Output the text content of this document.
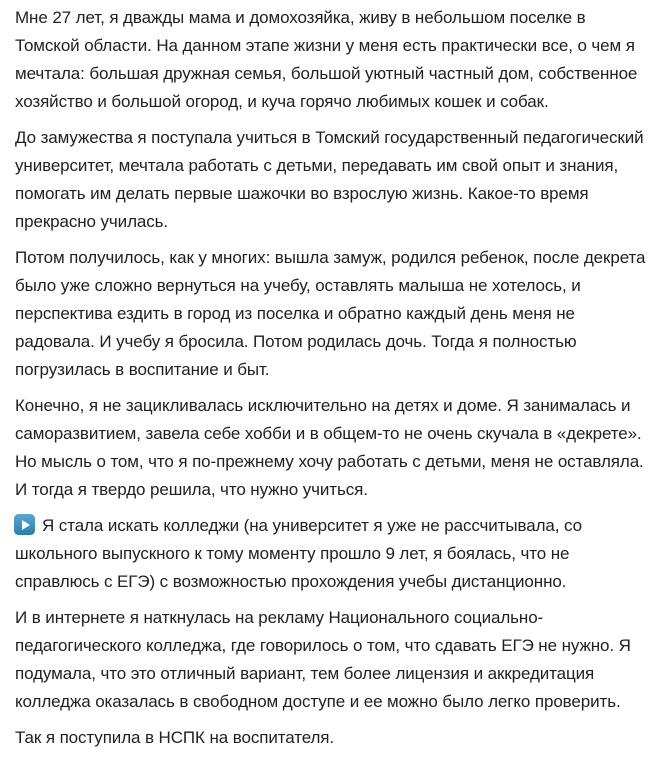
Мне 27 лет, я дважды мама и домохозяйка, живу в небольшом поселке в Томской области. На данном этапе жизни у меня есть практически все, о чем я мечтала: большая дружная семья, большой уютный частный дом, собственное хозяйство и большой огород, и куча горячо любимых кошек и собак.

До замужества я поступала учиться в Томский государственный педагогический университет, мечтала работать с детьми, передавать им свой опыт и знания, помогать им делать первые шажочки во взрослую жизнь. Какое-то время прекрасно училась.

Потом получилось, как у многих: вышла замуж, родился ребенок, после декрета было уже сложно вернуться на учебу, оставлять малыша не хотелось, и перспектива ездить в город из поселка и обратно каждый день меня не радовала. И учебу я бросила. Потом родилась дочь. Тогда я полностью погрузилась в воспитание и быт.

Конечно, я не зацикливалась исключительно на детях и доме. Я занималась и саморазвитием, завела себе хобби и в общем-то не очень скучала в «декрете». Но мысль о том, что я по-прежнему хочу работать с детьми, меня не оставляла. И тогда я твердо решила, что нужно учиться.

Я стала искать колледжи (на университет я уже не рассчитывала, со школьного выпускного к тому моменту прошло 9 лет, я боялась, что не справлюсь с ЕГЭ) с возможностью прохождения учебы дистанционно.

И в интернете я наткнулась на рекламу Национального социально-педагогического колледжа, где говорилось о том, что сдавать ЕГЭ не нужно. Я подумала, что это отличный вариант, тем более лицензия и аккредитация колледжа оказалась в свободном доступе и ее можно было легко проверить.

Так я поступила в НСПК на воспитателя.
